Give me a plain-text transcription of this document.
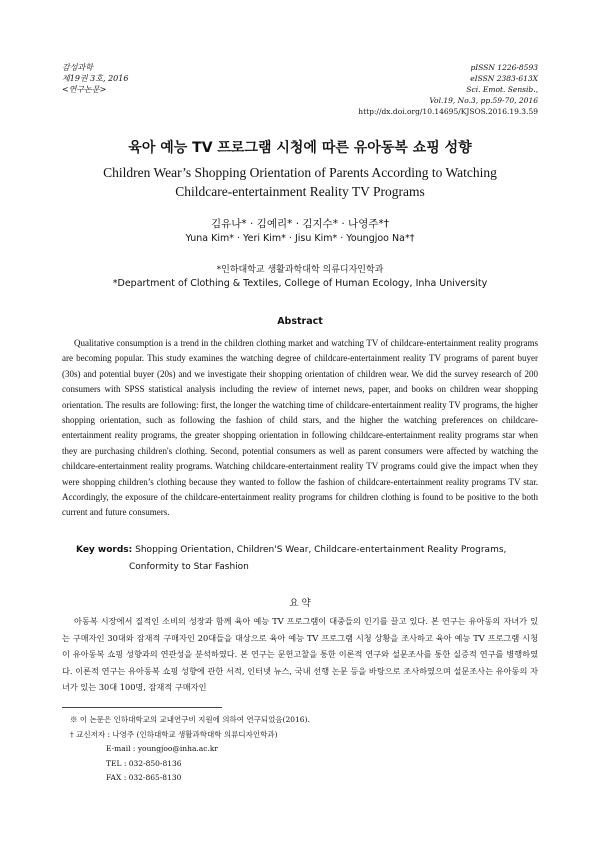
감성과학
제19권 3호, 2016
<연구논문>
pISSN 1226-8593
eISSN 2383-613X
Sci. Emot. Sensib.,
Vol.19, No.3, pp.59-70, 2016
http://dx.doi.org/10.14695/KJSOS.2016.19.3.59
육아 예능 TV 프로그램 시청에 따른 유아동복 쇼핑 성향
Children Wear’s Shopping Orientation of Parents According to Watching
Childcare-entertainment Reality TV Programs
김유나* · 김예리* · 김지수* · 나영주*†
Yuna Kim* · Yeri Kim* · Jisu Kim* · Youngjoo Na*†
*인하대학교 생활과학대학 의류디자인학과
*Department of Clothing & Textiles, College of Human Ecology, Inha University
Abstract

Qualitative consumption is a trend in the children clothing market and watching TV of childcare-entertainment reality programs are becoming popular. This study examines the watching degree of childcare-entertainment reality TV programs of parent buyer (30s) and potential buyer (20s) and we investigate their shopping orientation of children wear. We did the survey research of 200 consumers with SPSS statistical analysis including the review of internet news, paper, and books on children wear shopping orientation. The results are following: first, the longer the watching time of childcare-entertainment reality TV programs, the higher shopping orientation, such as following the fashion of child stars, and the higher the watching preferences on childcare-entertainment reality programs, the greater shopping orientation in following childcare-entertainment reality programs star when they are purchasing children's clothing. Second, potential consumers as well as parent consumers were affected by watching the childcare-entertainment reality programs. Watching childcare-entertainment reality TV programs could give the impact when they were shopping children’s clothing because they wanted to follow the fashion of childcare-entertainment reality programs TV star. Accordingly, the exposure of the childcare-entertainment reality programs for children clothing is found to be positive to the both current and future consumers.

Key words: Shopping Orientation, Children'S Wear, Childcare-entertainment Reality Programs,
Conformity to Star Fashion
요 약

아동복 시장에서 질적인 소비의 성장과 함께 육아 예능 TV 프로그램이 대중들의 인기를 끌고 있다. 본 연구는 유아동의 자녀가 있는 구매자인 30대와 잠재적 구매자인 20대들을 대상으로 육아 예능 TV 프로그램 시청 상황을 조사하고 육아 예능 TV 프로그램 시청이 유아동복 쇼핑 성향과의 연관성을 분석하였다. 본 연구는 문헌고찰을 통한 이론적 연구와 설문조사를 통한 실증적 연구를 병행하였다. 이론적 연구는 유아동복 쇼핑 성향에 관한 서적, 인터넷 뉴스, 국내 선행 논문 등을 바탕으로 조사하였으며 설문조사는 유아동의 자녀가 있는 30대 100명, 잠재적 구매자인

※ 이 논문은 인하대학교의 교내연구비 지원에 의하여 연구되었음(2016).
† 교신저자 : 나영주 (인하대학교 생활과학대학 의류디자인학과)
E-mail : youngjoo@inha.ac.kr
TEL : 032-850-8136
FAX : 032-865-8130
